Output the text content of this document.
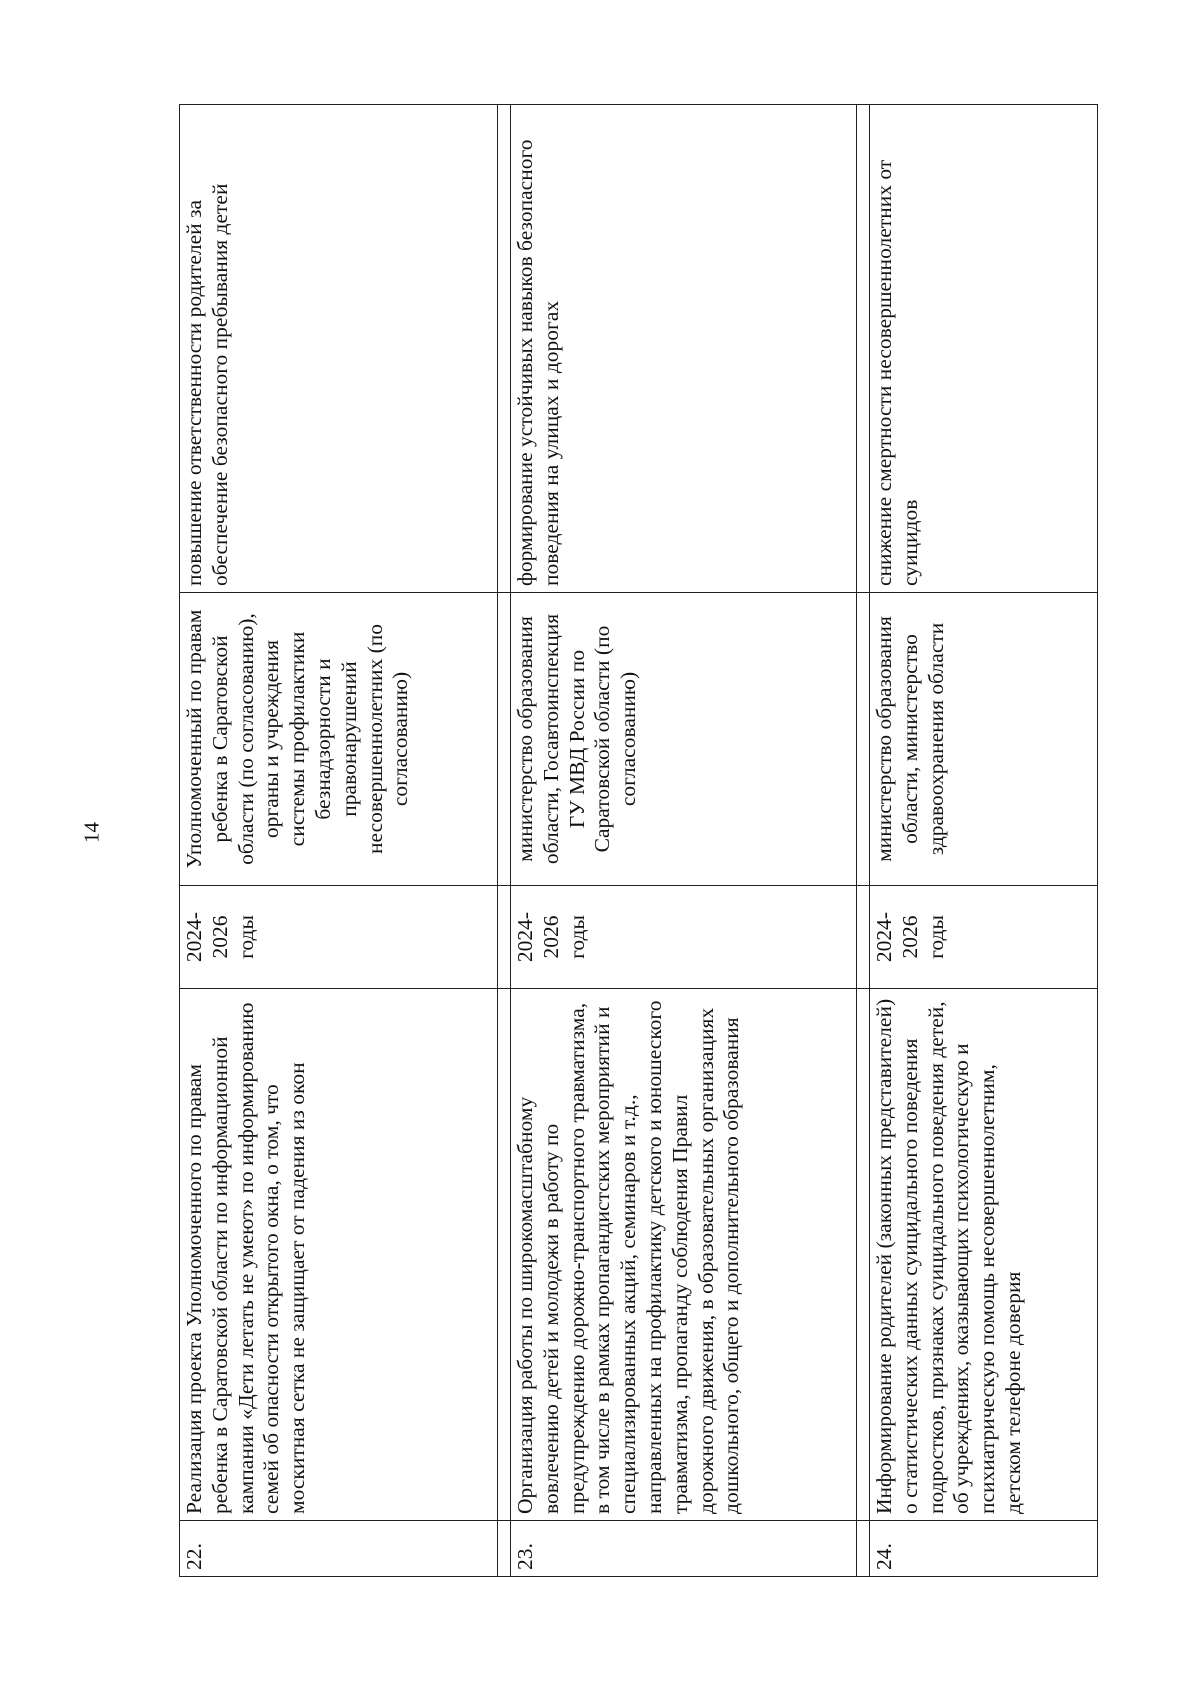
14
22.	Реализация проекта Уполномоченного по правам ребенка в Саратовской области по информационной кампании «Дети летать не умеют» по информированию семей об опасности открытого окна, о том, что москитная сетка не защищает от падения из окон	2024-2026 годы	Уполномоченный по правам ребенка в Саратовской области (по согласованию), органы и учреждения системы профилактики безнадзорности и правонарушений несовершеннолетних (по согласованию)	повышение ответственности родителей за обеспечение безопасного пребывания детей

23.	Организация работы по широкомасштабному вовлечению детей и молодежи в работу по предупреждению дорожно-транспортного травматизма, в том числе в рамках пропагандистских мероприятий и специализированных акций, семинаров и т.д., направленных на профилактику детского и юношеского травматизма, пропаганду соблюдения Правил дорожного движения, в образовательных организациях дошкольного, общего и дополнительного образования	2024-2026 годы	министерство образования области, Госавтоинспекция ГУ МВД России по Саратовской области (по согласованию)	формирование устойчивых навыков безопасного поведения на улицах и дорогах

24.	Информирование родителей (законных представителей) о статистических данных суицидального поведения подростков, признаках суицидального поведения детей, об учреждениях, оказывающих психологическую и психиатрическую помощь несовершеннолетним, детском телефоне доверия	2024-2026 годы	министерство образования области, министерство здравоохранения области	снижение смертности несовершеннолетних от суицидов
